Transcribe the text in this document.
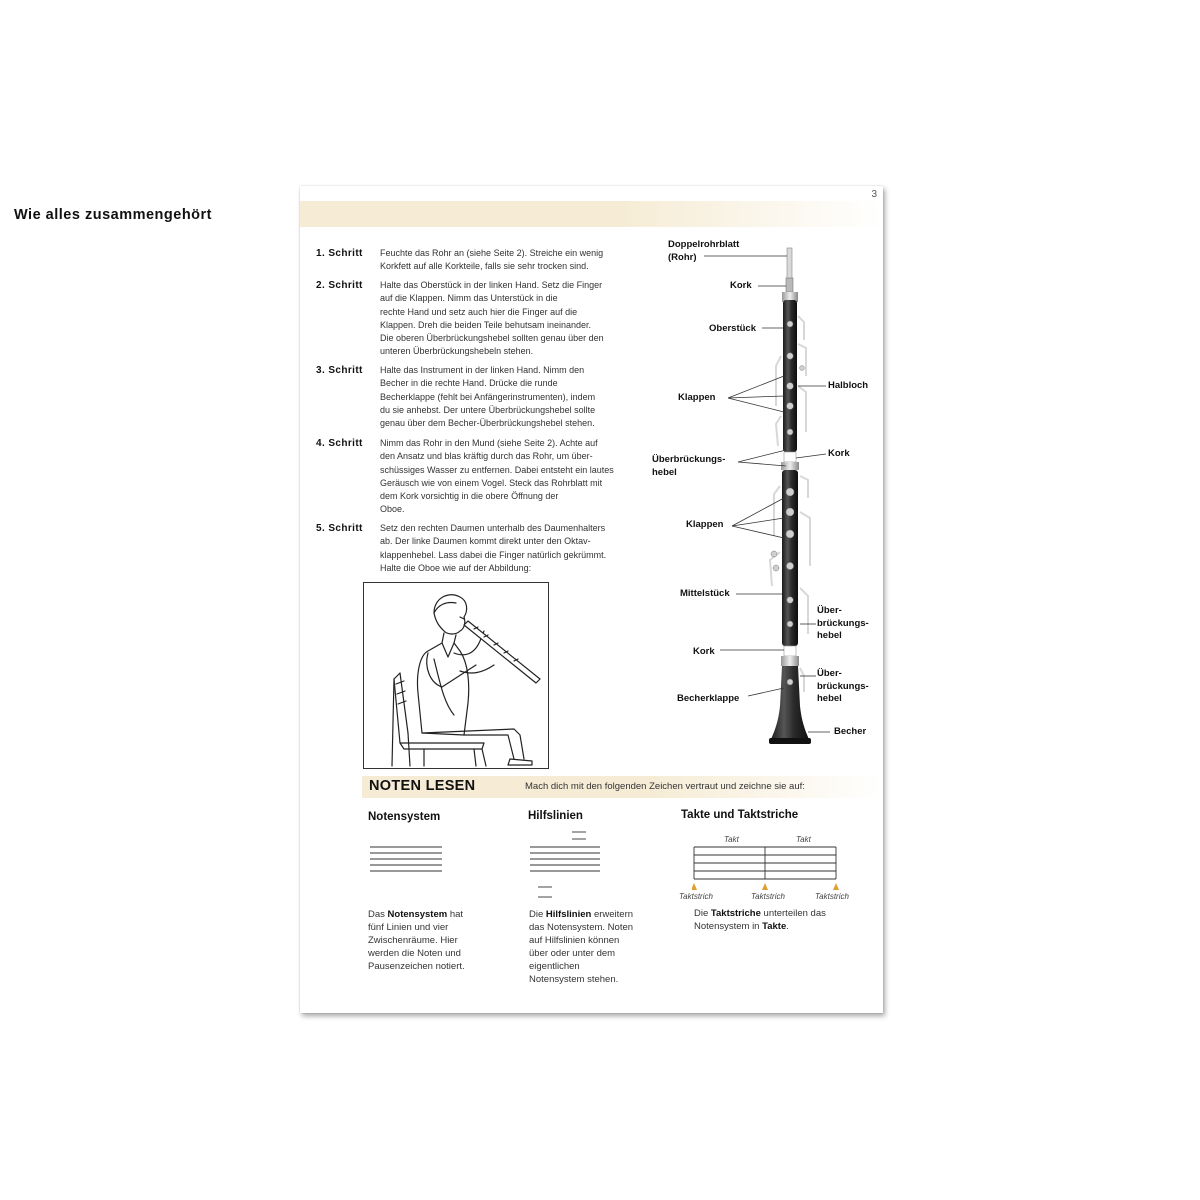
3
Wie alles zusammengehört
1. Schritt Feuchte das Rohr an (siehe Seite 2). Streiche ein wenig
Korkfett auf alle Korkteile, falls sie sehr trocken sind.
2. Schritt Halte das Oberstück in der linken Hand. Setz die Finger
auf die Klappen. Nimm das Unterstück in die
rechte Hand und setz auch hier die Finger auf die
Klappen. Dreh die beiden Teile behutsam ineinander.
Die oberen Überbrückungshebel sollten genau über den
unteren Überbrückungshebeln stehen.
3. Schritt Halte das Instrument in der linken Hand. Nimm den
Becher in die rechte Hand. Drücke die runde
Becherklappe (fehlt bei Anfängerinstrumenten), indem
du sie anhebst. Der untere Überbrückungshebel sollte
genau über dem Becher-Überbrückungshebel stehen.
4. Schritt Nimm das Rohr in den Mund (siehe Seite 2). Achte auf
den Ansatz und blas kräftig durch das Rohr, um über-
schüssiges Wasser zu entfernen. Dabei entsteht ein lautes
Geräusch wie von einem Vogel. Steck das Rohrblatt mit
dem Kork vorsichtig in die obere Öffnung der
Oboe.
5. Schritt Setz den rechten Daumen unterhalb des Daumenhalters
ab. Der linke Daumen kommt direkt unter den Oktav-
klappenhebel. Lass dabei die Finger natürlich gekrümmt.
Halte die Oboe wie auf der Abbildung:
Doppelrohrblatt
(Rohr)
Kork
Oberstück
Halbloch
Klappen
Überbrückungs-
hebel
Kork
Klappen
Mittelstück
Über-
brückungs-
hebel
Kork
Über-
brückungs-
hebel
Becherklappe
Becher
NOTEN LESEN	Mach dich mit den folgenden Zeichen vertraut und zeichne sie auf:
Notensystem
Das Notensystem hat
fünf Linien und vier
Zwischenräume. Hier
werden die Noten und
Pausenzeichen notiert.
Hilfslinien
Die Hilfslinien erweitern
das Notensystem. Noten
auf Hilfslinien können
über oder unter dem
eigentlichen
Notensystem stehen.
Takte und Taktstriche
Takt	Takt
Taktstrich	Taktstrich	Taktstrich
Die Taktstriche unterteilen das
Notensystem in Takte.
